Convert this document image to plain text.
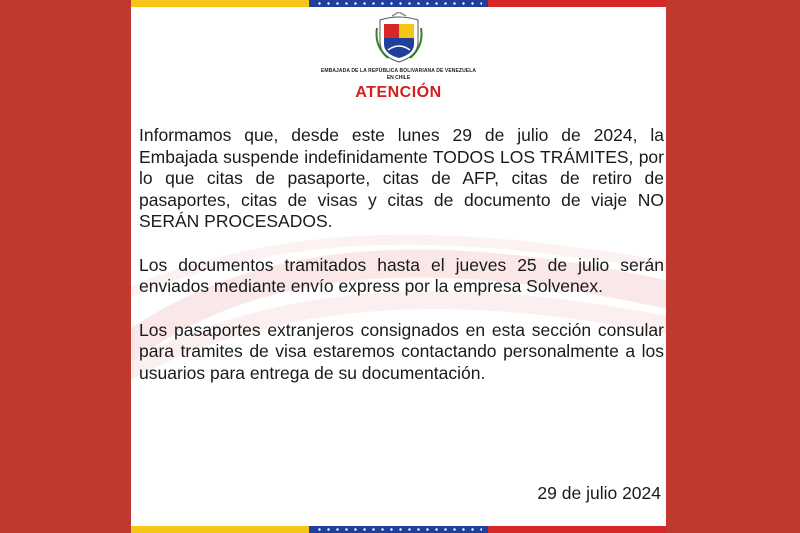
EMBAJADA DE LA REPÚBLICA BOLIVARIANA DE VENEZUELA
EN CHILE
ATENCIÓN

Informamos que, desde este lunes 29 de julio de 2024, la Embajada suspende indefinidamente TODOS LOS TRÁMITES, por lo que citas de pasaporte, citas de AFP, citas de retiro de pasaportes, citas de visas y citas de documento de viaje NO SERÁN PROCESADOS.

Los documentos tramitados hasta el jueves 25 de julio serán enviados mediante envío express por la empresa Solvenex.

Los pasaportes extranjeros consignados en esta sección consular para tramites de visa estaremos contactando personalmente a los usuarios para entrega de su documentación.

29 de julio 2024
